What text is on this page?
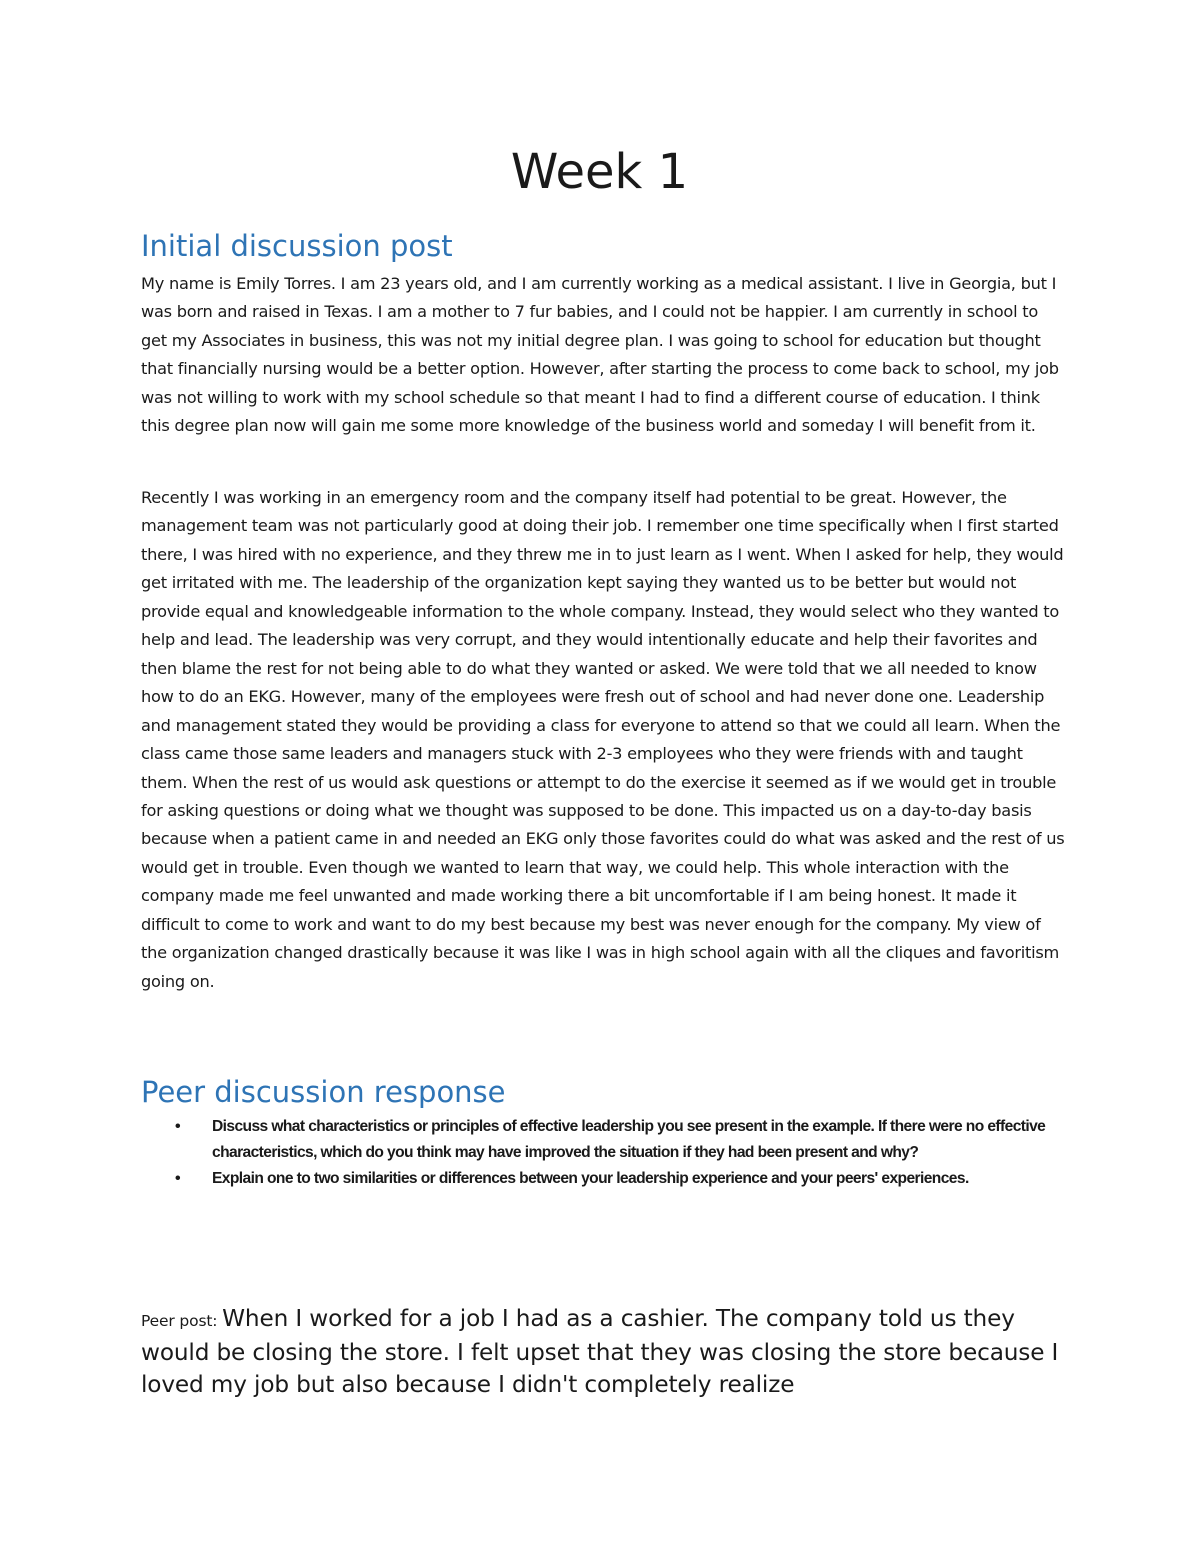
Week 1
Initial discussion post

My name is Emily Torres. I am 23 years old, and I am currently working as a medical assistant. I live in Georgia, but I was born and raised in Texas. I am a mother to 7 fur babies, and I could not be happier. I am currently in school to get my Associates in business, this was not my initial degree plan. I was going to school for education but thought that financially nursing would be a better option. However, after starting the process to come back to school, my job was not willing to work with my school schedule so that meant I had to find a different course of education. I think this degree plan now will gain me some more knowledge of the business world and someday I will benefit from it.

Recently I was working in an emergency room and the company itself had potential to be great. However, the management team was not particularly good at doing their job. I remember one time specifically when I first started there, I was hired with no experience, and they threw me in to just learn as I went. When I asked for help, they would get irritated with me. The leadership of the organization kept saying they wanted us to be better but would not provide equal and knowledgeable information to the whole company. Instead, they would select who they wanted to help and lead. The leadership was very corrupt, and they would intentionally educate and help their favorites and then blame the rest for not being able to do what they wanted or asked. We were told that we all needed to know how to do an EKG. However, many of the employees were fresh out of school and had never done one. Leadership and management stated they would be providing a class for everyone to attend so that we could all learn. When the class came those same leaders and managers stuck with 2-3 employees who they were friends with and taught them. When the rest of us would ask questions or attempt to do the exercise it seemed as if we would get in trouble for asking questions or doing what we thought was supposed to be done. This impacted us on a day-to-day basis because when a patient came in and needed an EKG only those favorites could do what was asked and the rest of us would get in trouble. Even though we wanted to learn that way, we could help. This whole interaction with the company made me feel unwanted and made working there a bit uncomfortable if I am being honest. It made it difficult to come to work and want to do my best because my best was never enough for the company. My view of the organization changed drastically because it was like I was in high school again with all the cliques and favoritism going on.

Peer discussion response
• Discuss what characteristics or principles of effective leadership you see present in the example. If there were no effective characteristics, which do you think may have improved the situation if they had been present and why?
• Explain one to two similarities or differences between your leadership experience and your peers' experiences.

Peer post: When I worked for a job I had as a cashier. The company told us they would be closing the store. I felt upset that they was closing the store because I loved my job but also because I didn't completely realize
